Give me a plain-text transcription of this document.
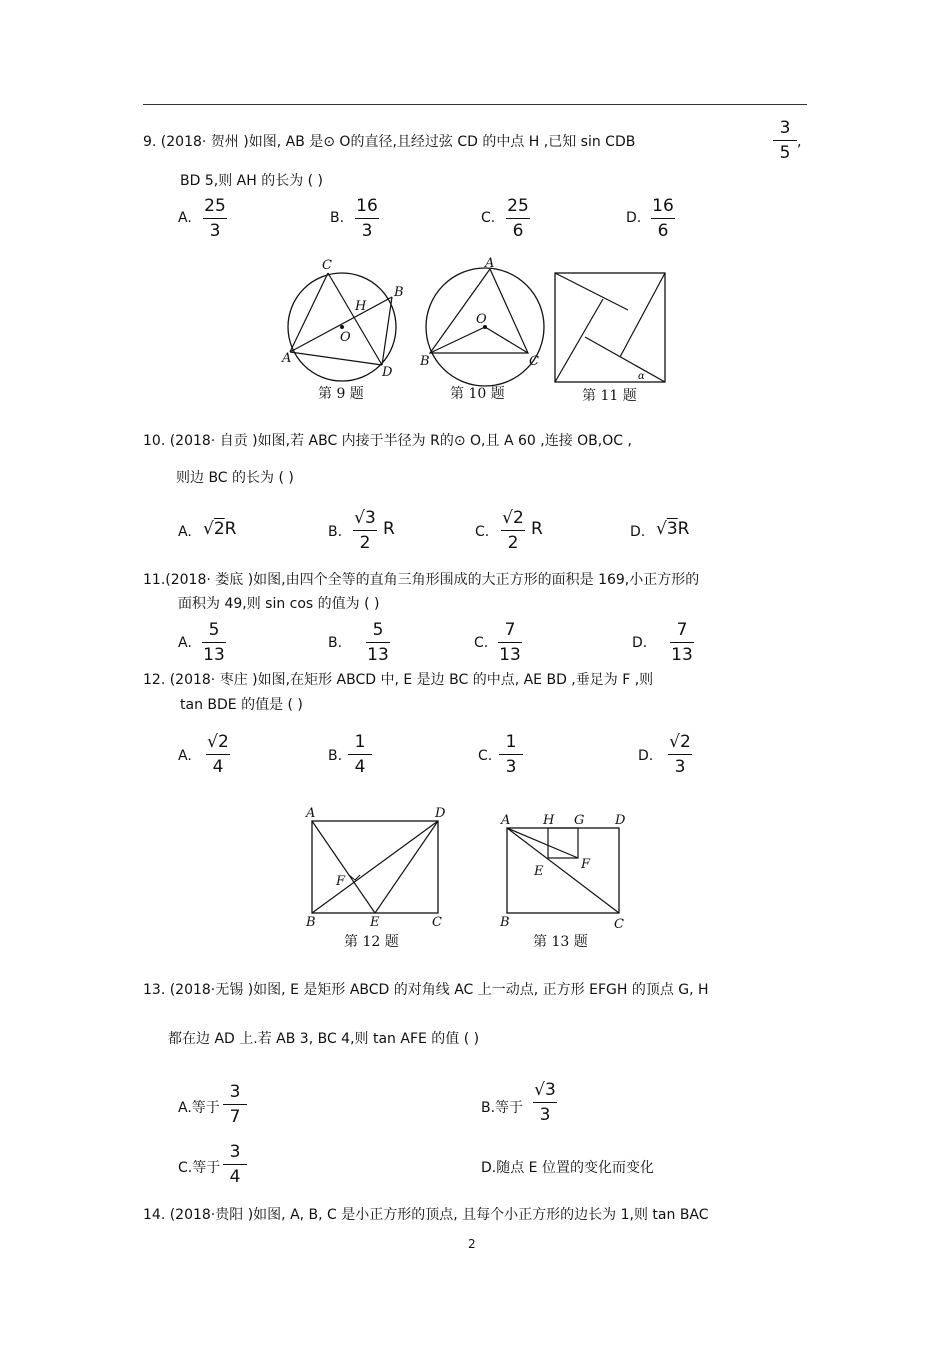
9. (2018· 贺州 )如图, AB 是⊙ O的直径,且经过弦 CD 的中点 H ,已知 sin CDB
3
5
,
BD 5,则 AH 的长为 ( )
A.
25
3
B.
16
3
C.
25
6
D.
16
6
C
B
H
O
A
D
第 9 题
A
O
B	C
第 10 题
α
第 11 题
10. (2018· 自贡 )如图,若 ABC 内接于半径为 R的⊙ O,且 A 60 ,连接 OB,OC ,
则边 BC 的长为 ( )
A. √2R	B.
√3
2
R	C.
√2
2
R	D. √3R
11.(2018· 娄底 )如图,由四个全等的直角三角形围成的大正方形的面积是 169,小正方形的
面积为 49,则 sin cos 的值为 ( )
A.
5
13
B.
5
13
C.
7
13
D.
7
13
12. (2018· 枣庄 )如图,在矩形 ABCD 中, E 是边 BC 的中点, AE BD ,垂足为 F ,则
tan BDE 的值是 ( )
A.
√2
4
B.
1
4
C.
1
3
D.
√2
3
A	D
F
B	E	C
第 12 题
A	H G D
E	F
B	C
第 13 题
13. (2018·无锡 )如图, E 是矩形 ABCD 的对角线 AC 上一动点, 正方形 EFGH 的顶点 G, H
都在边 AD 上.若 AB 3, BC 4,则 tan AFE 的值 ( )
A.等于
3
7	B.等于
√3
3
C.等于
3
4	D.随点 E 位置的变化而变化
14. (2018·贵阳 )如图, A, B, C 是小正方形的顶点, 且每个小正方形的边长为 1,则 tan BAC
2
